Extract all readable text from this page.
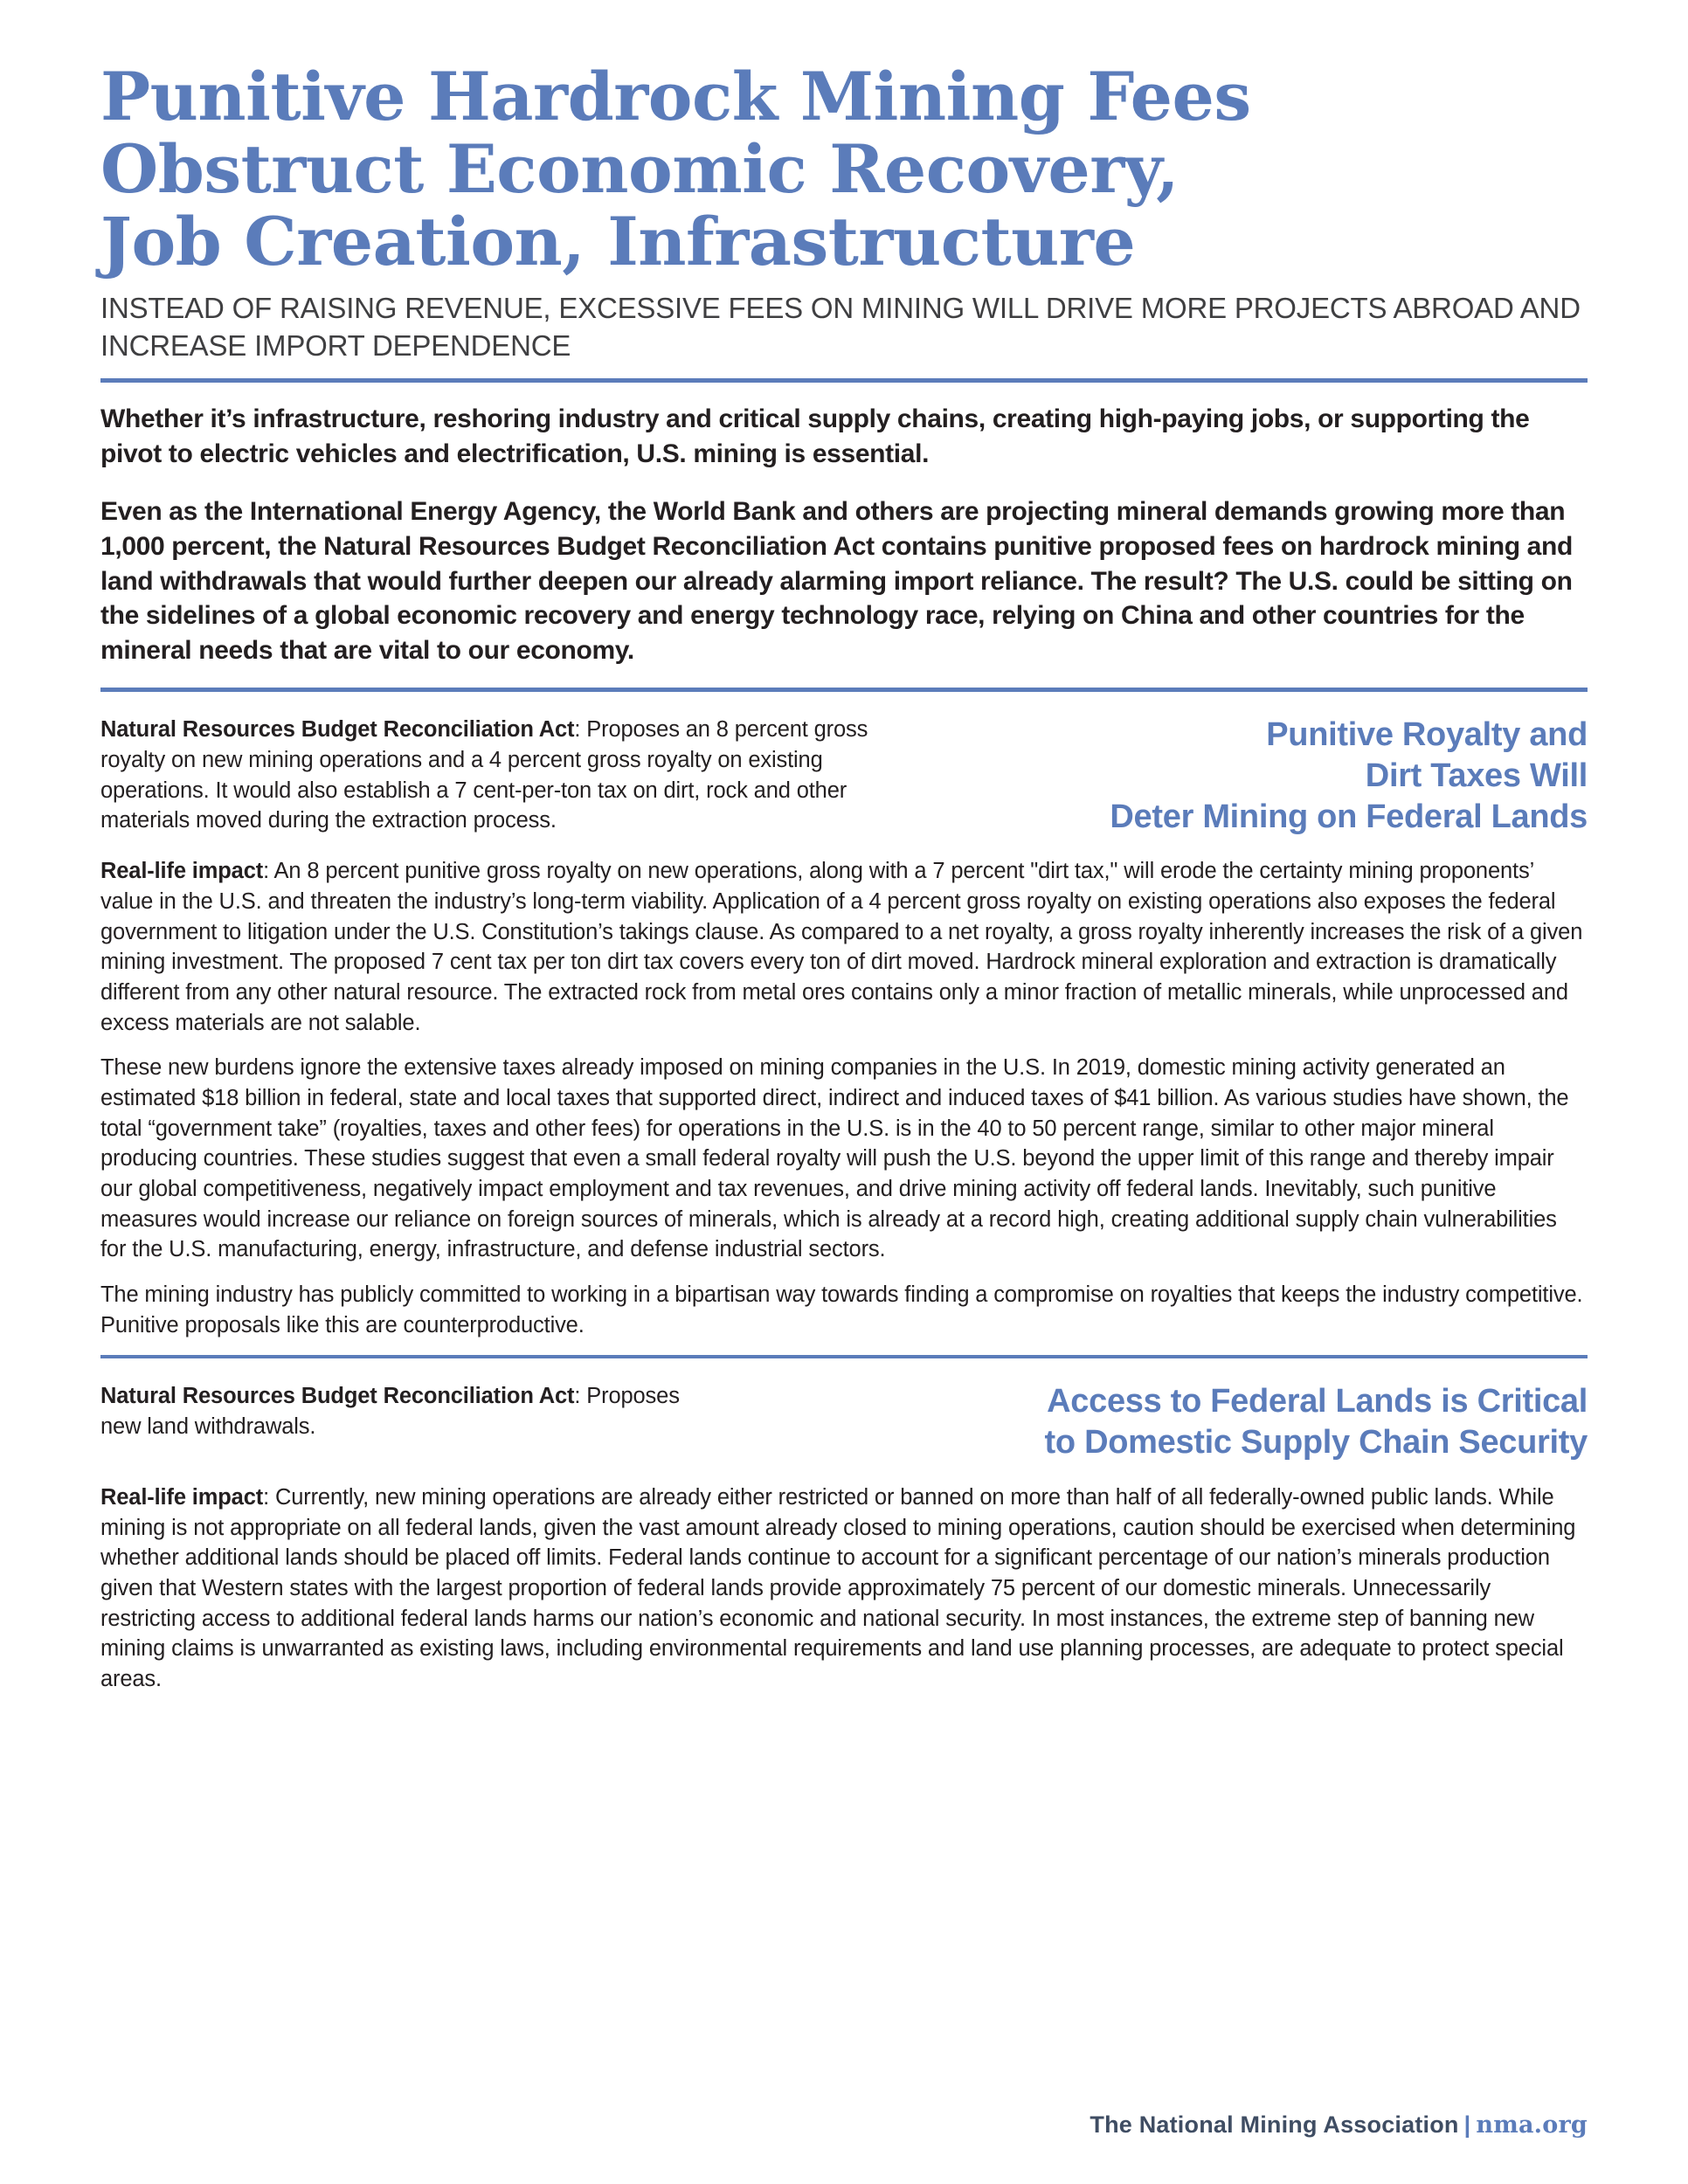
Punitive Hardrock Mining Fees
Obstruct Economic Recovery,
Job Creation, Infrastructure
INSTEAD OF RAISING REVENUE, EXCESSIVE FEES ON MINING WILL DRIVE MORE PROJECTS ABROAD AND INCREASE IMPORT DEPENDENCE

Whether it’s infrastructure, reshoring industry and critical supply chains, creating high-paying jobs, or supporting the pivot to electric vehicles and electrification, U.S. mining is essential.

Even as the International Energy Agency, the World Bank and others are projecting mineral demands growing more than 1,000 percent, the Natural Resources Budget Reconciliation Act contains punitive proposed fees on hardrock mining and land withdrawals that would further deepen our already alarming import reliance. The result? The U.S. could be sitting on the sidelines of a global economic recovery and energy technology race, relying on China and other countries for the mineral needs that are vital to our economy.

Natural Resources Budget Reconciliation Act: Proposes an 8 percent gross royalty on new mining operations and a 4 percent gross royalty on existing operations. It would also establish a 7 cent-per-ton tax on dirt, rock and other materials moved during the extraction process.

Punitive Royalty and
Dirt Taxes Will
Deter Mining on Federal Lands

Real-life impact: An 8 percent punitive gross royalty on new operations, along with a 7 percent "dirt tax," will erode the certainty mining proponents’ value in the U.S. and threaten the industry’s long-term viability. Application of a 4 percent gross royalty on existing operations also exposes the federal government to litigation under the U.S. Constitution’s takings clause. As compared to a net royalty, a gross royalty inherently increases the risk of a given mining investment. The proposed 7 cent tax per ton dirt tax covers every ton of dirt moved. Hardrock mineral exploration and extraction is dramatically different from any other natural resource. The extracted rock from metal ores contains only a minor fraction of metallic minerals, while unprocessed and excess materials are not salable.

These new burdens ignore the extensive taxes already imposed on mining companies in the U.S. In 2019, domestic mining activity generated an estimated $18 billion in federal, state and local taxes that supported direct, indirect and induced taxes of $41 billion. As various studies have shown, the total “government take” (royalties, taxes and other fees) for operations in the U.S. is in the 40 to 50 percent range, similar to other major mineral producing countries. These studies suggest that even a small federal royalty will push the U.S. beyond the upper limit of this range and thereby impair our global competitiveness, negatively impact employment and tax revenues, and drive mining activity off federal lands. Inevitably, such punitive measures would increase our reliance on foreign sources of minerals, which is already at a record high, creating additional supply chain vulnerabilities for the U.S. manufacturing, energy, infrastructure, and defense industrial sectors.

The mining industry has publicly committed to working in a bipartisan way towards finding a compromise on royalties that keeps the industry competitive. Punitive proposals like this are counterproductive.

Natural Resources Budget Reconciliation Act: Proposes new land withdrawals.

Access to Federal Lands is Critical
to Domestic Supply Chain Security

Real-life impact: Currently, new mining operations are already either restricted or banned on more than half of all federally-owned public lands. While mining is not appropriate on all federal lands, given the vast amount already closed to mining operations, caution should be exercised when determining whether additional lands should be placed off limits. Federal lands continue to account for a significant percentage of our nation’s minerals production given that Western states with the largest proportion of federal lands provide approximately 75 percent of our domestic minerals. Unnecessarily restricting access to additional federal lands harms our nation’s economic and national security. In most instances, the extreme step of banning new mining claims is unwarranted as existing laws, including environmental requirements and land use planning processes, are adequate to protect special areas.

The National Mining Association | nma.org
